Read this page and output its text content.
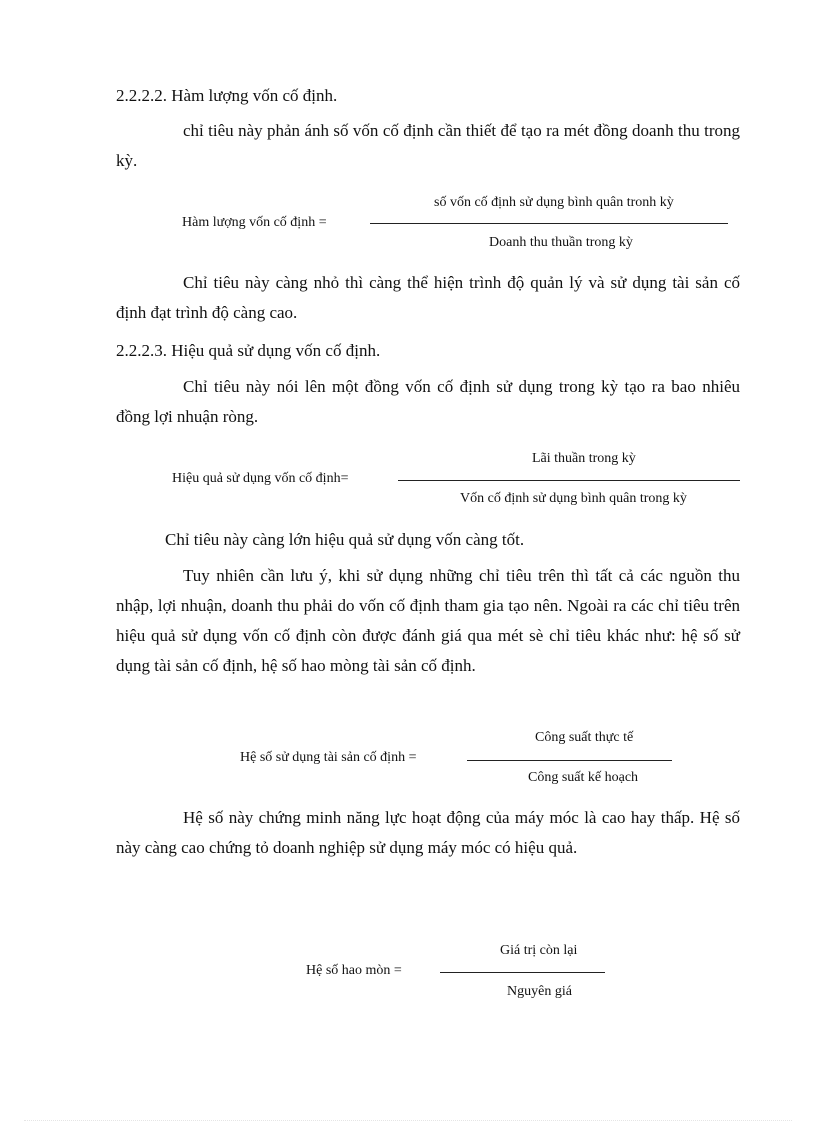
2.2.2.2. Hàm lượng vốn cố định.
chỉ tiêu này phản ánh số vốn cố định cần thiết để tạo ra mét đồng doanh thu trong kỳ.
Hàm lượng vốn cố định =
số vốn cố định sử dụng bình quân tronh kỳ
Doanh thu thuần trong kỳ
Chỉ tiêu này càng nhỏ thì càng thể hiện trình độ quản lý và sử dụng tài sản cố định đạt trình độ càng cao.
2.2.2.3. Hiệu quả sử dụng vốn cố định.
Chỉ tiêu này nói lên một đồng vốn cố định sử dụng trong kỳ tạo ra bao nhiêu đồng lợi nhuận ròng.
Hiệu quả sử dụng vốn cố định=
Lãi thuần trong kỳ
Vốn cố định sử dụng bình quân trong kỳ
Chỉ tiêu này càng lớn hiệu quả sử dụng vốn càng tốt.
Tuy nhiên cần lưu ý, khi sử dụng những chỉ tiêu trên thì tất cả các nguồn thu nhập, lợi nhuận, doanh thu phải do vốn cố định tham gia tạo nên. Ngoài ra các chỉ tiêu trên hiệu quả sử dụng vốn cố định còn được đánh giá qua mét sè chỉ tiêu khác như: hệ số sử dụng tài sản cố định, hệ số hao mòng tài sản cố định.
Hệ số sử dụng tài sản cố định =
Công suất thực tế
Công suất kế hoạch
Hệ số này chứng minh năng lực hoạt động của máy móc là cao hay thấp. Hệ số này càng cao chứng tỏ doanh nghiệp sử dụng máy móc có hiệu quả.
Hệ số hao mòn =
Giá trị còn lại
Nguyên giá
